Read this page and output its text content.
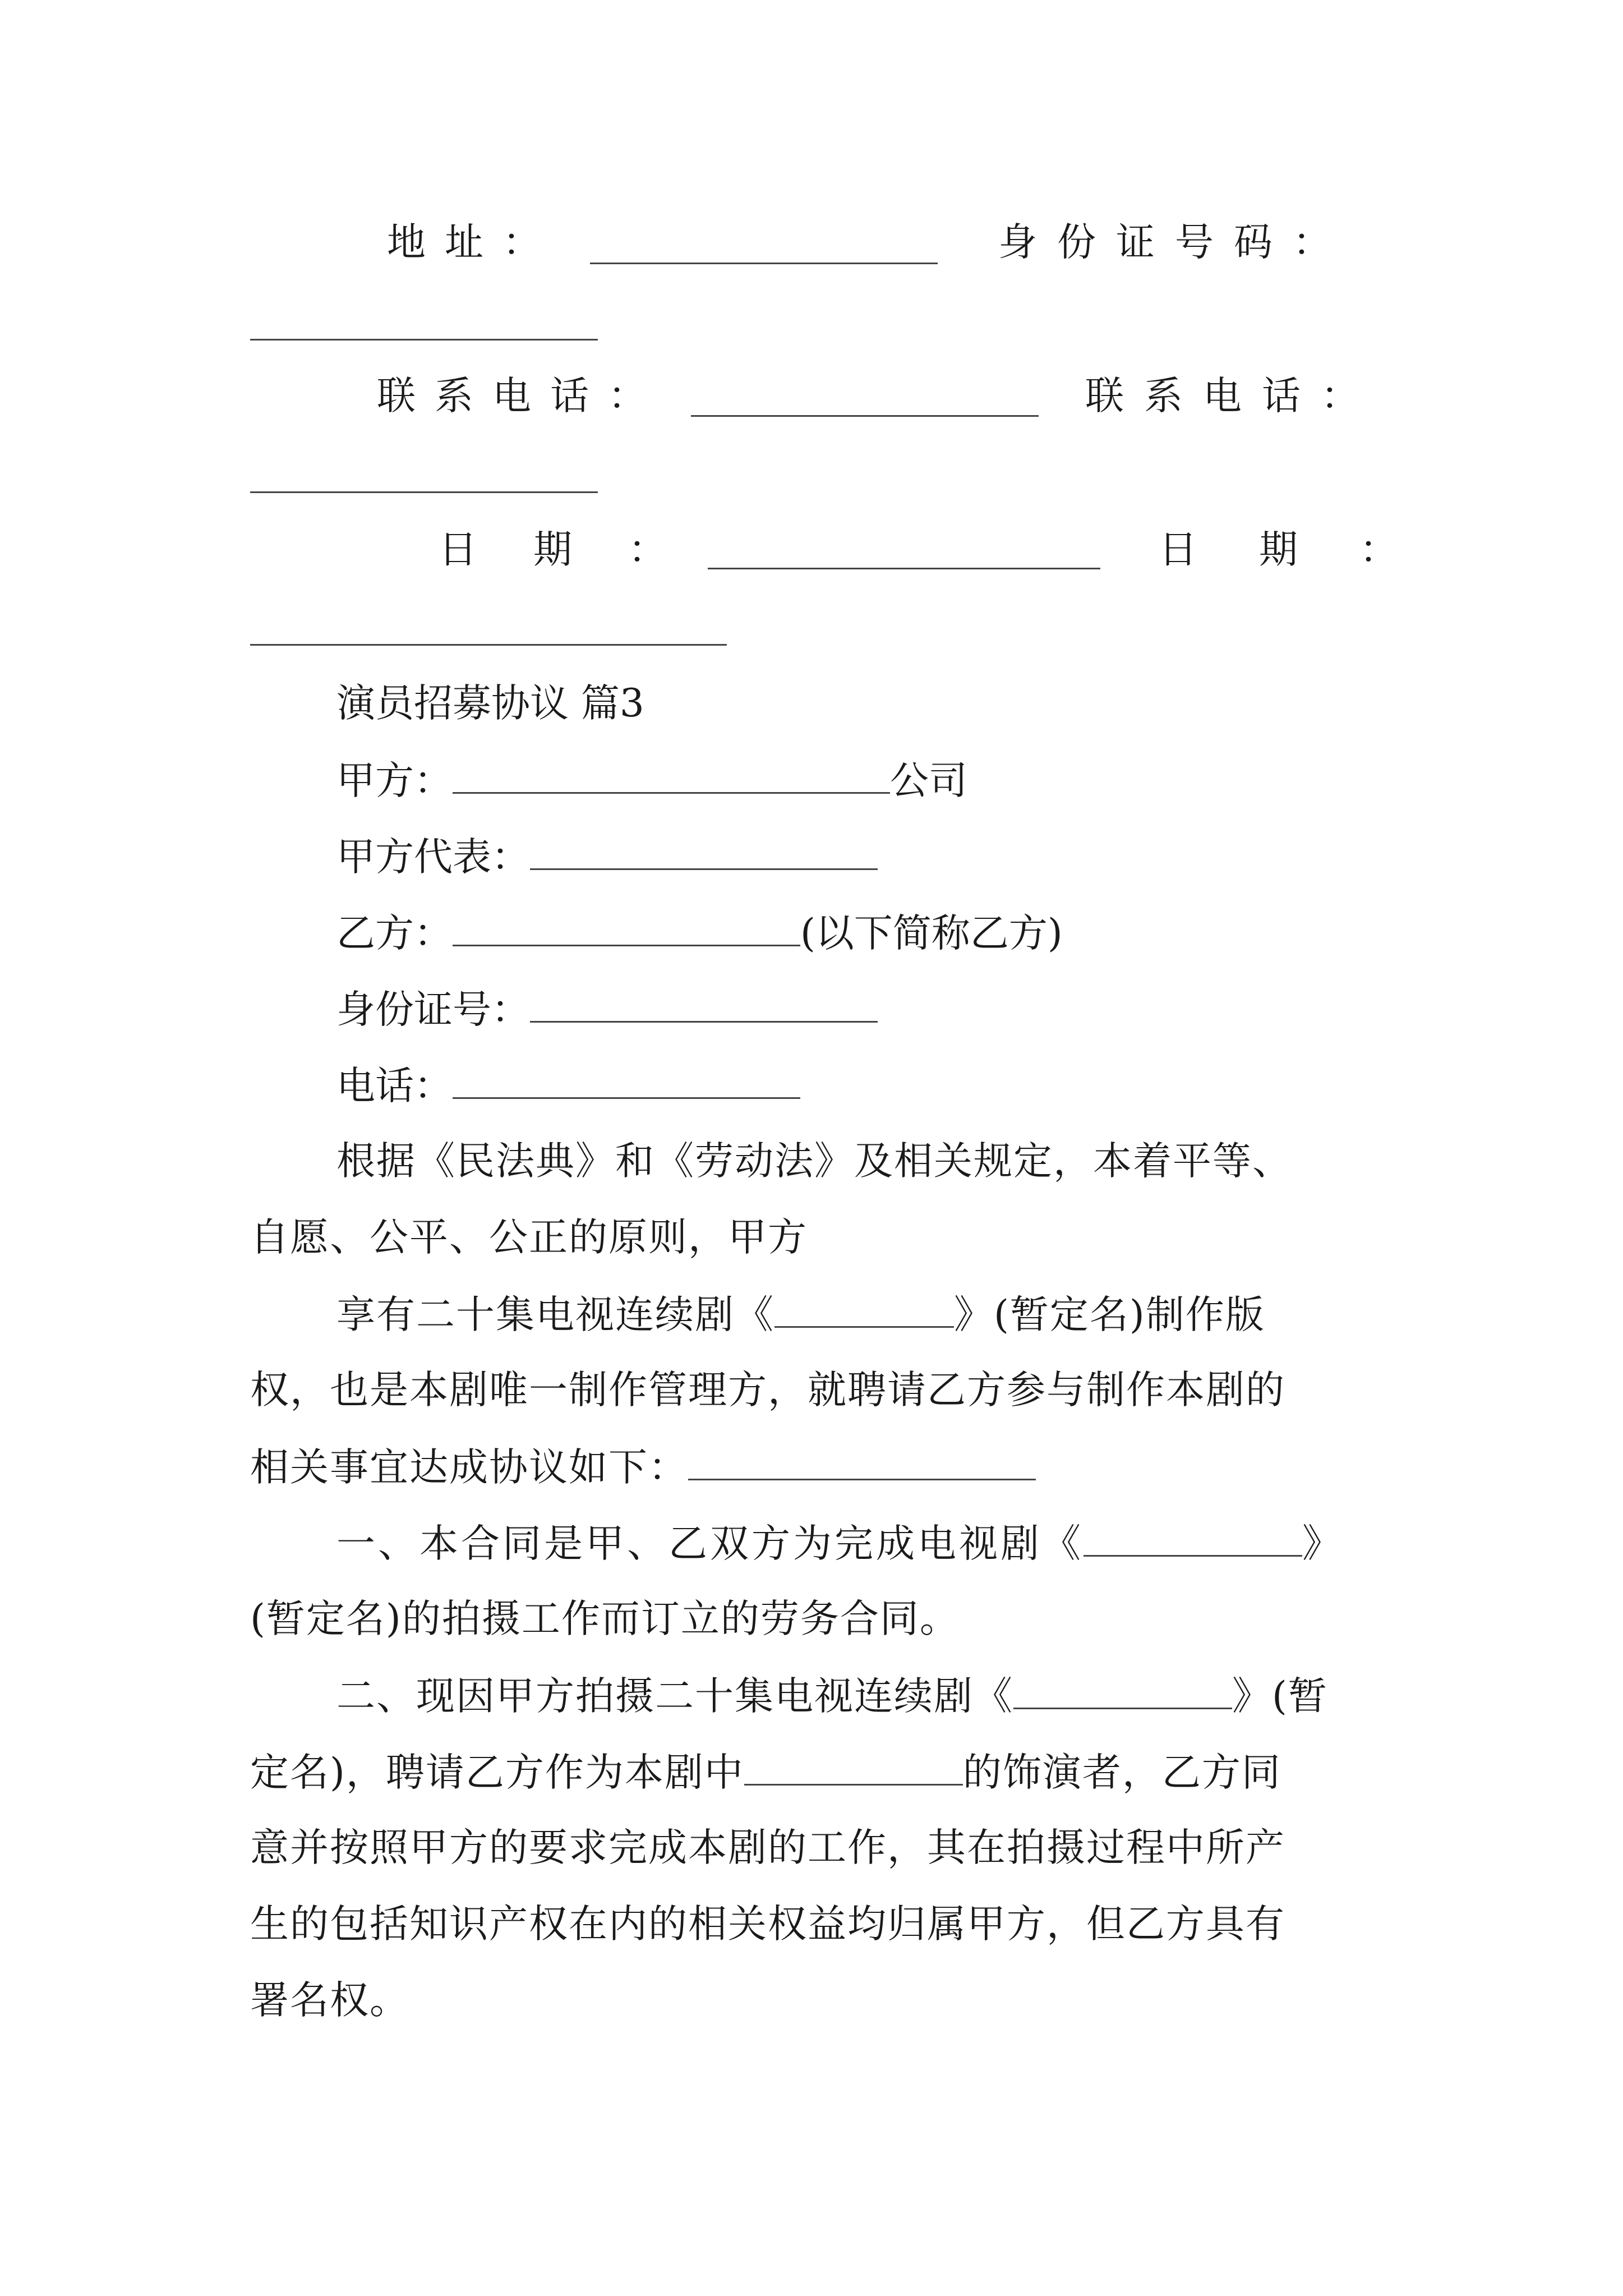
地址：	身份证号码：
联系电话：	联系电话：
日期：	日期：
演员招募协议 篇3
甲方：	公司
甲方代表：
乙方：	(以下简称乙方)
身份证号：
电话：
根据《民法典》和《劳动法》及相关规定，本着平等、
自愿、公平、公正的原则，甲方
享有二十集电视连续剧《	》(暂定名)制作版
权，也是本剧唯一制作管理方，就聘请乙方参与制作本剧的
相关事宜达成协议如下：
一、本合同是甲、乙双方为完成电视剧《	》
(暂定名)的拍摄工作而订立的劳务合同。
二、现因甲方拍摄二十集电视连续剧《	》(暂
定名)，聘请乙方作为本剧中	的饰演者，乙方同
意并按照甲方的要求完成本剧的工作，其在拍摄过程中所产
生的包括知识产权在内的相关权益均归属甲方，但乙方具有
署名权。
